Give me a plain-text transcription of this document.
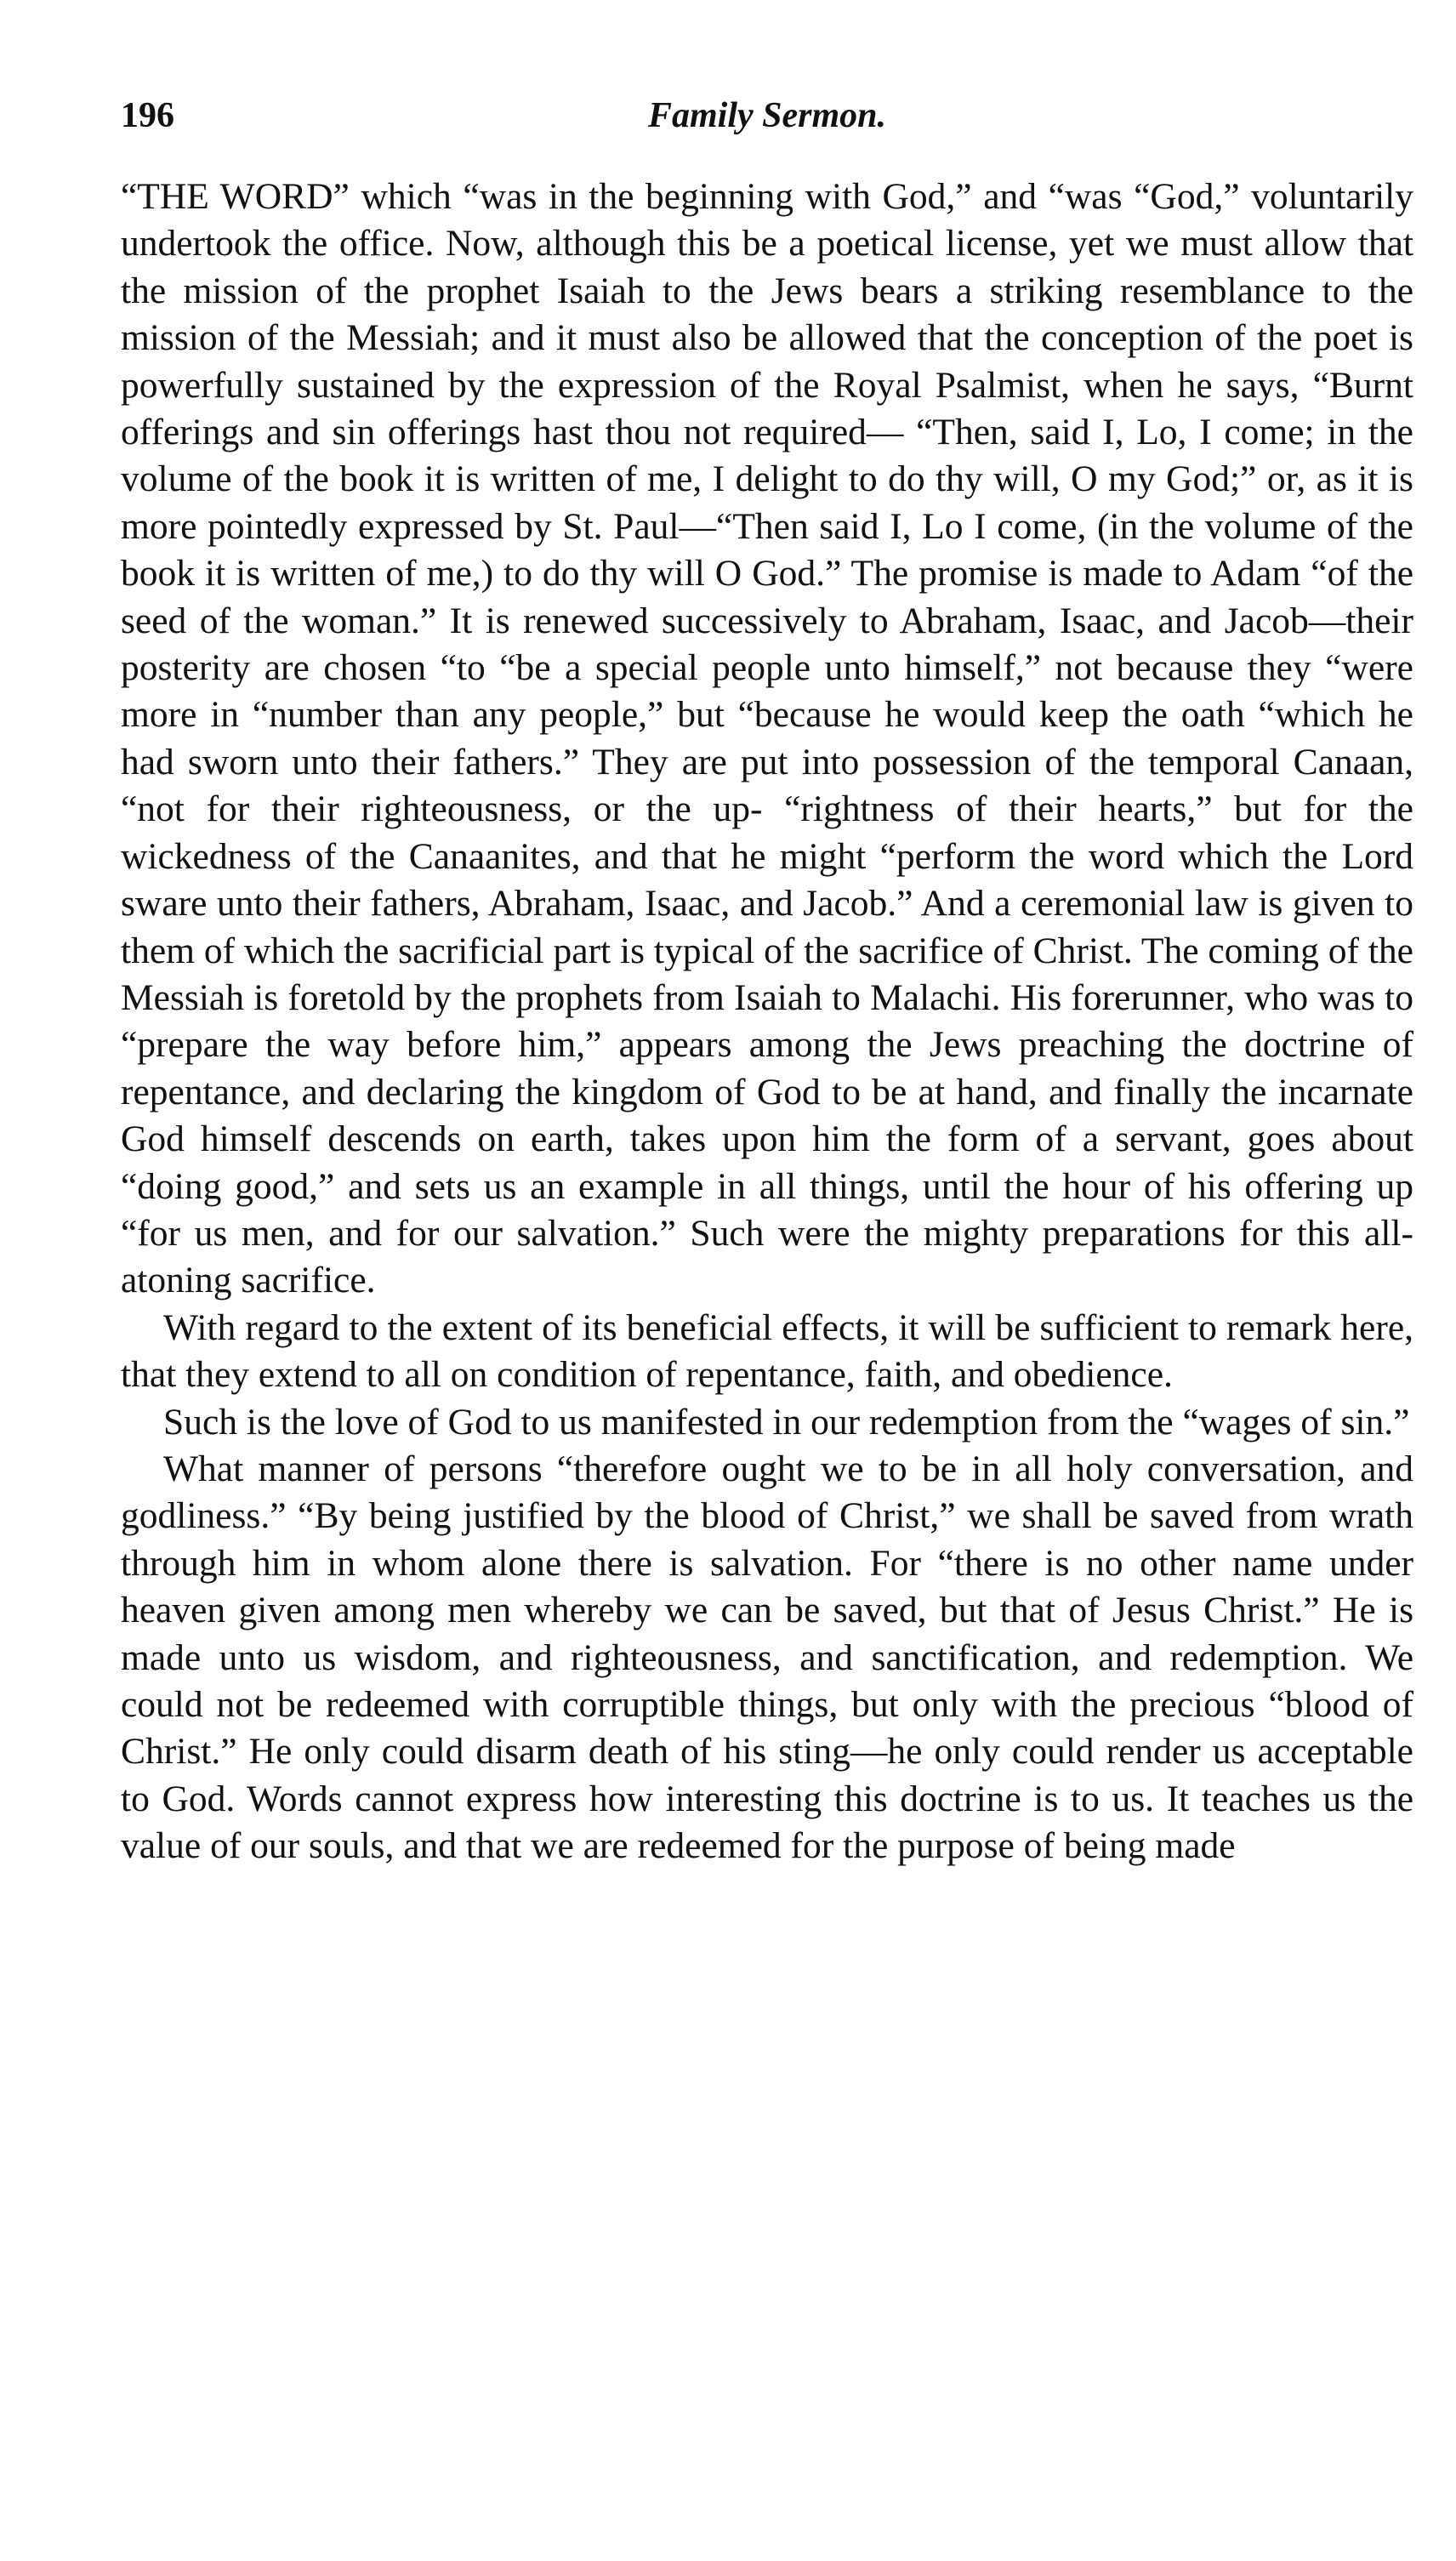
196	Family Sermon.

“THE WORD” which “was in the beginning with God,” and “was “God,” voluntarily undertook the office. Now, although this be a poetical license, yet we must allow that the mission of the prophet Isaiah to the Jews bears a striking resemblance to the mission of the Messiah; and it must also be allowed that the conception of the poet is powerfully sustained by the expression of the Royal Psalmist, when he says, “Burnt offerings and sin offerings hast thou not required— “Then, said I, Lo, I come; in the volume of the book it is written of me, I delight to do thy will, O my God;” or, as it is more pointedly expressed by St. Paul—“Then said I, Lo I come, (in the volume of the book it is written of me,) to do thy will O God.” The promise is made to Adam “of the seed of the woman.” It is renewed successively to Abraham, Isaac, and Jacob—their posterity are chosen “to “be a special people unto himself,” not because they “were more in “number than any people,” but “because he would keep the oath “which he had sworn unto their fathers.” They are put into possession of the temporal Canaan, “not for their righteousness, or the up- “rightness of their hearts,” but for the wickedness of the Canaanites, and that he might “perform the word which the Lord sware unto their fathers, Abraham, Isaac, and Jacob.” And a ceremonial law is given to them of which the sacrificial part is typical of the sacrifice of Christ. The coming of the Messiah is foretold by the prophets from Isaiah to Malachi. His forerunner, who was to “prepare the way before him,” appears among the Jews preaching the doctrine of repentance, and declaring the kingdom of God to be at hand, and finally the incarnate God himself descends on earth, takes upon him the form of a servant, goes about “doing good,” and sets us an example in all things, until the hour of his offering up “for us men, and for our salvation.” Such were the mighty preparations for this all-atoning sacrifice.

With regard to the extent of its beneficial effects, it will be sufficient to remark here, that they extend to all on condition of repentance, faith, and obedience.

Such is the love of God to us manifested in our redemption from the “wages of sin.”

What manner of persons “therefore ought we to be in all holy conversation, and godliness.” “By being justified by the blood of Christ,” we shall be saved from wrath through him in whom alone there is salvation. For “there is no other name under heaven given among men whereby we can be saved, but that of Jesus Christ.” He is made unto us wisdom, and righteousness, and sanctification, and redemption. We could not be redeemed with corruptible things, but only with the precious “blood of Christ.” He only could disarm death of his sting—he only could render us acceptable to God. Words cannot express how interesting this doctrine is to us. It teaches us the value of our souls, and that we are redeemed for the purpose of being made
